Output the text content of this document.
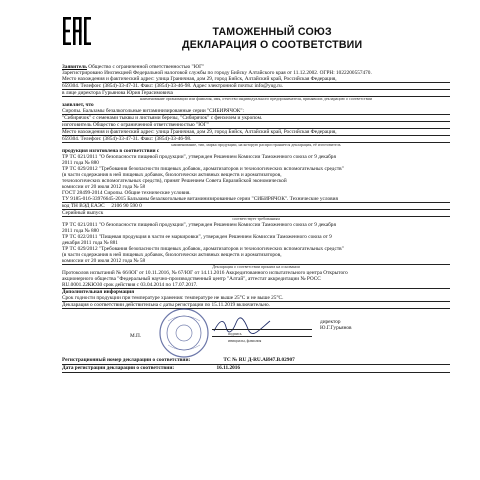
ТАМОЖЕННЫЙ СОЮЗ
ДЕКЛАРАЦИЯ О СООТВЕТСТВИИ
Заявитель Общество с ограниченной ответственностью "ЮГ"
Зарегистрировано Инспекцией Федеральной налоговой службы по городу Бийску Алтайского края от 11.12.2002. ОГРН: 1022200557470.
Место нахождения и фактический адрес: улица Граничная, дом 29, город Бийск, Алтайский край, Российская Федерация,
659304. Телефон: (3854)-33-47-31. Факс: (3854)-33-46-98. Адрес электронной почты: info@yug.ru.
в лице директора Гурьянова Юрия Герасимовича
наименование организации или фамилия, имя, отчество индивидуального предпринимателя, принявших декларацию о соответствии
заявляет, что
Сиропы. Бальзамы безалкогольные витаминизированные серии "СИБИРЯЧОК":
"Сибирячок" с семенами тыквы и листьями березы, "Сибирячок" с фенхелем и укропом.
изготовитель Общество с ограниченной ответственностью "ЮГ"
Место нахождения и фактический адрес: улица Граничная, дом 29, город Бийск, Алтайский край, Российская Федерация,
659304. Телефон: (3854)-33-47-31. Факс: (3854)-33-46-98.
наименование, тип, марка продукции, на которую распространяется декларация, её изготовитель
продукция изготовлена в соответствии с
ТР ТС 021/2011 "О безопасности пищевой продукции", утвержден Решением Комиссии Таможенного союза от 9 декабря
2011 года № 880
ТР ТС 029/2012 "Требования безопасности пищевых добавок, ароматизаторов и технологических вспомогательных средств"
(в части содержания в ней пищевых добавок, биологически активных веществ и ароматизаторов,
технологических вспомогательных средств), принят Решением Совета Евразийской экономической
комиссии от 20 июля 2012 года № 58
ГОСТ 28499-2014 Сиропы. Общие технические условия.
ТУ 9185-016-33976645-2015 Бальзамы безалкогольные витаминизированные серии "СИБИРЯЧОК". Технические условия
код ТН ВЭД ЕАЭС 2106 90 590 0
Серийный выпуск
соответствует требованиям
ТР ТС 021/2011 "О безопасности пищевой продукции", утвержден Решением Комиссии Таможенного союза от 9 декабря
2011 года № 880
ТР ТС 022/2011 "Пищевая продукция в части ее маркировки", утвержден Решением Комиссии Таможенного союза от 9
декабря 2011 года № 881
ТР ТС 029/2012 "Требования безопасности пищевых добавок, ароматизаторов и технологических вспомогательных средств"
(в части содержания в ней пищевых добавок, биологически активных веществ и ароматизаторов,
комиссии от 20 июля 2012 года № 58
Декларация о соответствии принята на основании
Протоколов испытаний № 66/ЮГ от 10.11.2016, № 67/ЮГ от 14.11.2016 Аккредитованного испытательного центра Открытого
акционерного общества "Федеральный научно-производственный центр "Алтай", аттестат аккредитации № РОСС
RU.0001.22КЮ30 срок действия с 03.04.2014 по 17.07.2017.
Дополнительная информация
Срок годности продукции при температуре хранения: температуре не выше 25°С и не выше 25°С.
Декларация о соответствии действительна с даты регистрации по 15.11.2019 включительно.
М.П.	подпись
инициалы, фамилия
директор
Ю.Г.Гурьянов
Регистрационный номер декларации о соответствии:	ТС № RU Д-RU.АИ47.В.02907
Дата регистрации декларации о соответствии:	16.11.2016
